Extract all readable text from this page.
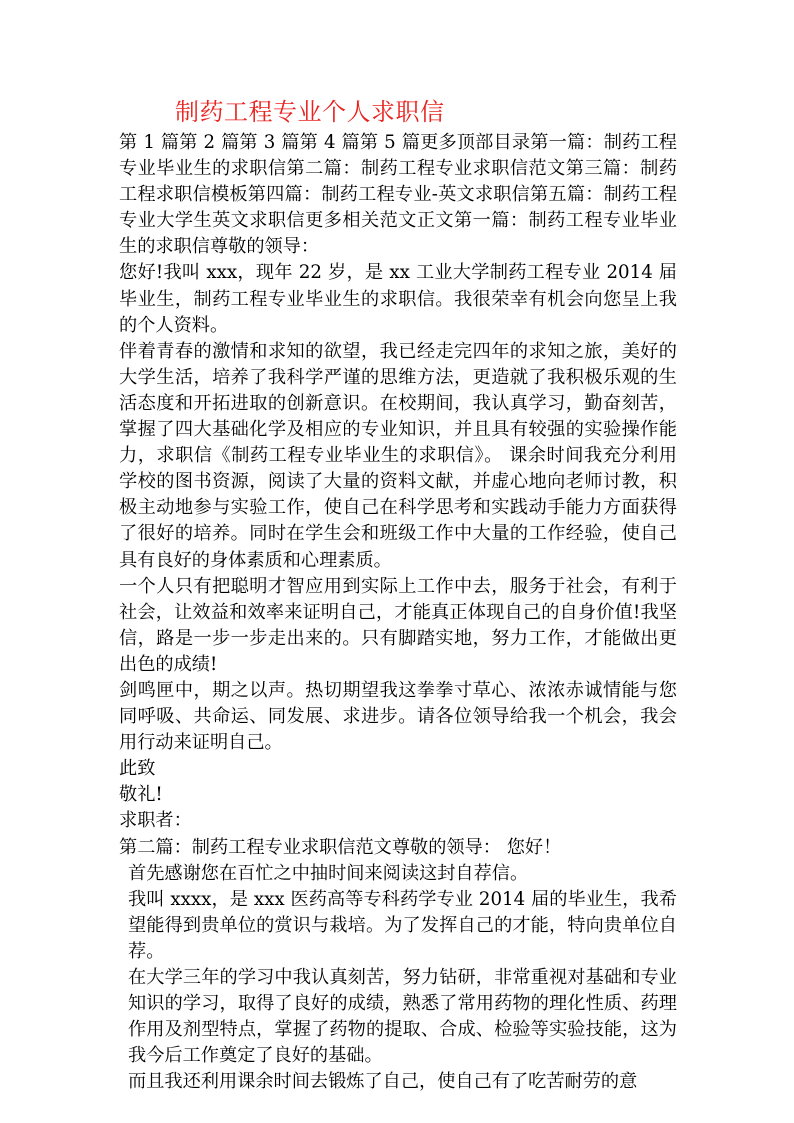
制药工程专业个人求职信

第 1 篇第 2 篇第 3 篇第 4 篇第 5 篇更多顶部目录第一篇：制药工程专业毕业生的求职信第二篇：制药工程专业求职信范文第三篇：制药工程求职信模板第四篇：制药工程专业-英文求职信第五篇：制药工程专业大学生英文求职信更多相关范文正文第一篇：制药工程专业毕业生的求职信尊敬的领导：

您好!我叫 xxx，现年 22 岁，是 xx 工业大学制药工程专业 2014 届毕业生，制药工程专业毕业生的求职信。我很荣幸有机会向您呈上我的个人资料。

伴着青春的激情和求知的欲望，我已经走完四年的求知之旅，美好的大学生活，培养了我科学严谨的思维方法，更造就了我积极乐观的生活态度和开拓进取的创新意识。在校期间，我认真学习，勤奋刻苦，掌握了四大基础化学及相应的专业知识，并且具有较强的实验操作能力，求职信《制药工程专业毕业生的求职信》。 课余时间我充分利用学校的图书资源，阅读了大量的资料文献，并虚心地向老师讨教，积极主动地参与实验工作，使自己在科学思考和实践动手能力方面获得了很好的培养。同时在学生会和班级工作中大量的工作经验，使自己具有良好的身体素质和心理素质。

一个人只有把聪明才智应用到实际上工作中去，服务于社会，有利于社会，让效益和效率来证明自己，才能真正体现自己的自身价值!我坚信，路是一步一步走出来的。只有脚踏实地，努力工作，才能做出更出色的成绩!

剑鸣匣中，期之以声。热切期望我这拳拳寸草心、浓浓赤诚情能与您同呼吸、共命运、同发展、求进步。请各位领导给我一个机会，我会用行动来证明自己。

此致

敬礼!

求职者：

第二篇：制药工程专业求职信范文尊敬的领导： 您好！

首先感谢您在百忙之中抽时间来阅读这封自荐信。

我叫 xxxx，是 xxx 医药高等专科药学专业 2014 届的毕业生，我希望能得到贵单位的赏识与栽培。为了发挥自己的才能，特向贵单位自荐。

在大学三年的学习中我认真刻苦，努力钻研，非常重视对基础和专业知识的学习，取得了良好的成绩，熟悉了常用药物的理化性质、药理作用及剂型特点，掌握了药物的提取、合成、检验等实验技能，这为我今后工作奠定了良好的基础。

而且我还利用课余时间去锻炼了自己，使自己有了吃苦耐劳的意
